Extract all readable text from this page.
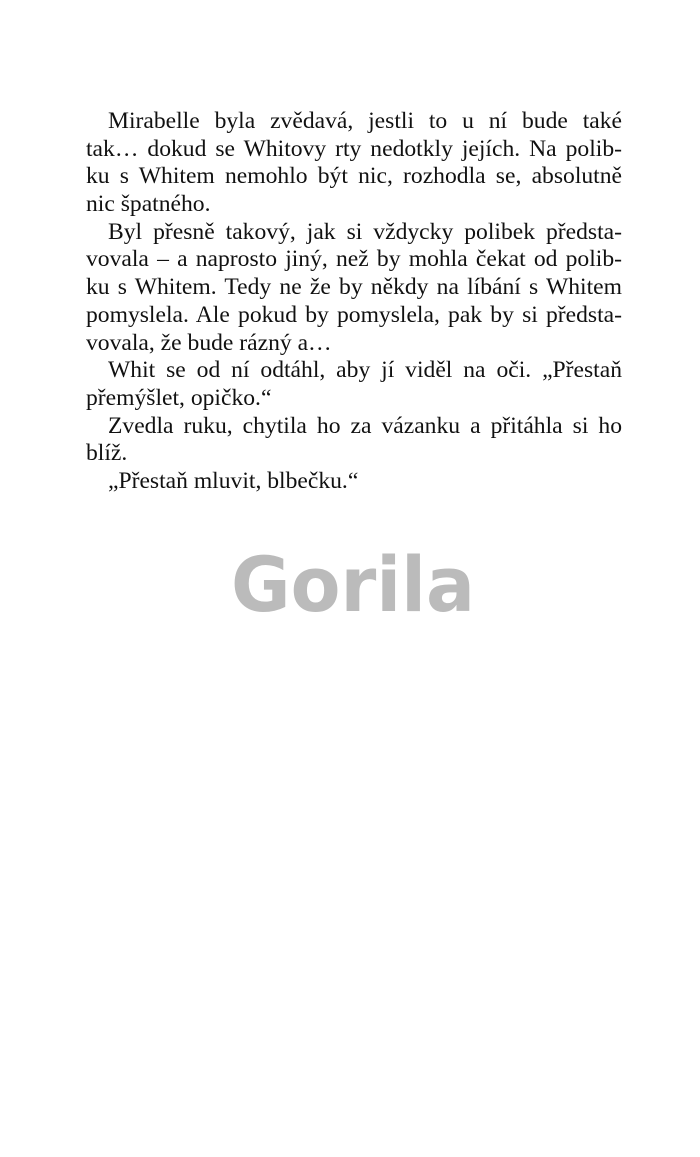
Mirabelle byla zvědavá, jestli to u ní bude také
tak… dokud se Whitovy rty nedotkly jejích. Na polib-
ku s Whitem nemohlo být nic, rozhodla se, absolutně
nic špatného.
Byl přesně takový, jak si vždycky polibek předsta-
vovala – a naprosto jiný, než by mohla čekat od polib-
ku s Whitem. Tedy ne že by někdy na líbání s Whitem
pomyslela. Ale pokud by pomyslela, pak by si předsta-
vovala, že bude rázný a…
Whit se od ní odtáhl, aby jí viděl na oči. „Přestaň
přemýšlet, opičko.“
Zvedla ruku, chytila ho za vázanku a přitáhla si ho
blíž.
„Přestaň mluvit, blbečku.“
Gorila
